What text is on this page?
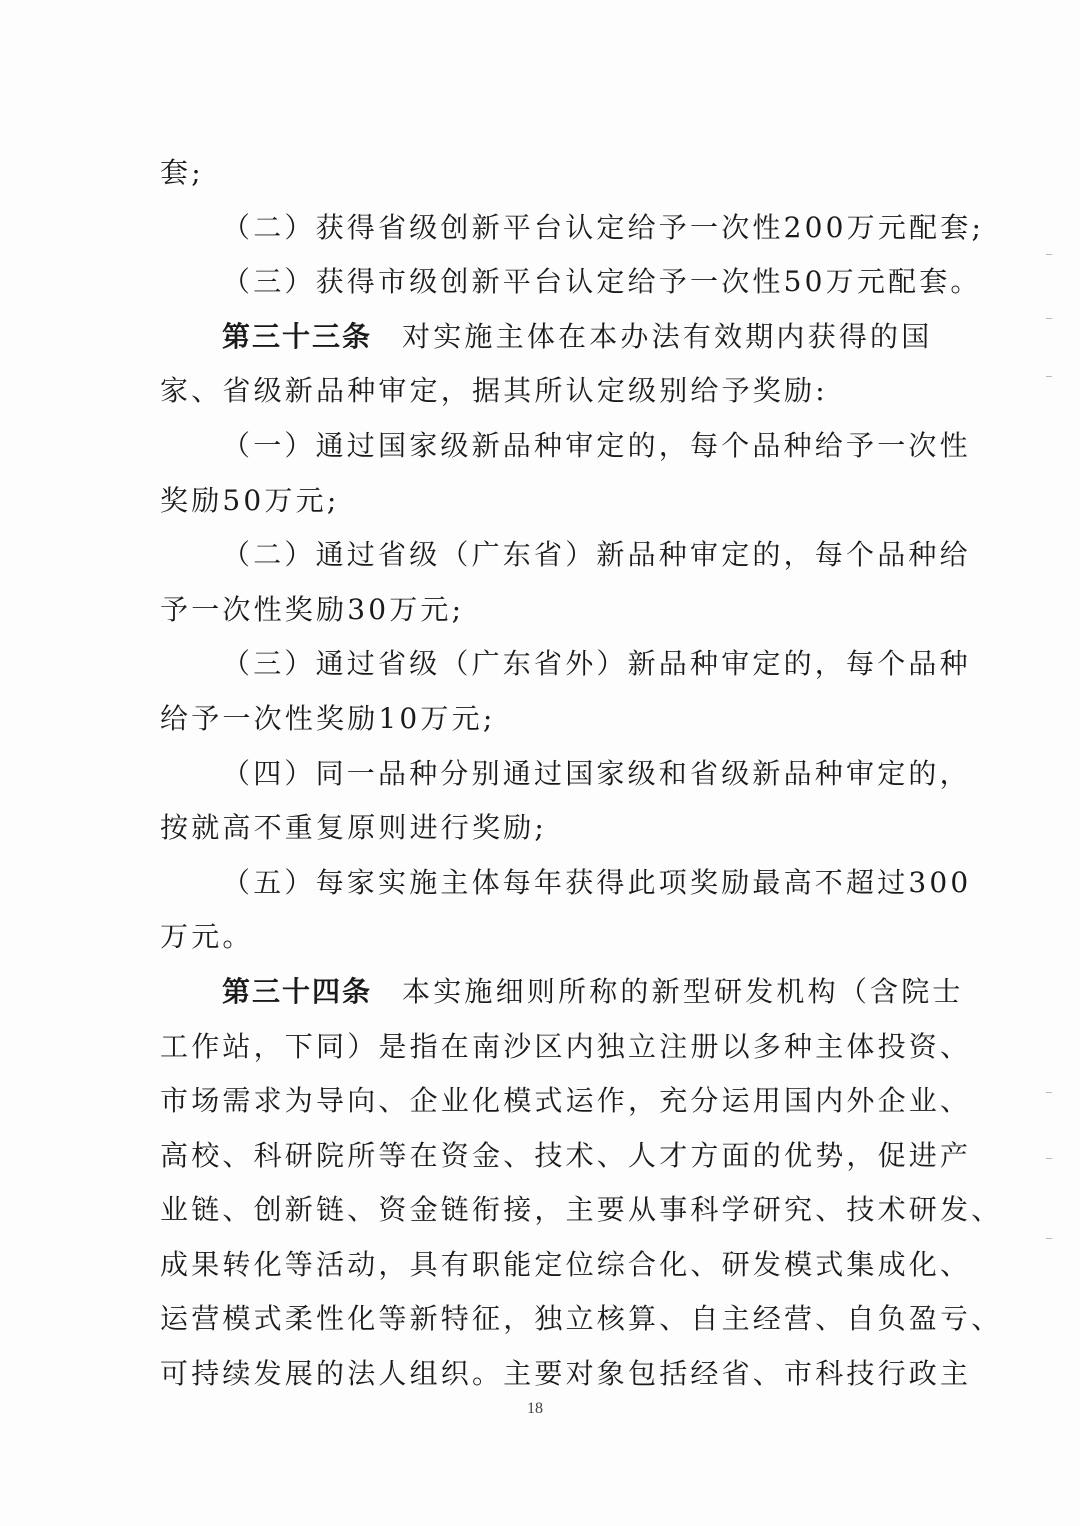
套;
（二）获得省级创新平台认定给予一次性200万元配套;
（三）获得市级创新平台认定给予一次性50万元配套。
第三十三条 对实施主体在本办法有效期内获得的国
家、省级新品种审定，据其所认定级别给予奖励:
（一）通过国家级新品种审定的，每个品种给予一次性
奖励50万元;
（二）通过省级（广东省）新品种审定的，每个品种给
予一次性奖励30万元;
（三）通过省级（广东省外）新品种审定的，每个品种
给予一次性奖励10万元;
（四）同一品种分别通过国家级和省级新品种审定的，
按就高不重复原则进行奖励;
（五）每家实施主体每年获得此项奖励最高不超过300
万元。
第三十四条 本实施细则所称的新型研发机构（含院士
工作站，下同）是指在南沙区内独立注册以多种主体投资、
市场需求为导向、企业化模式运作，充分运用国内外企业、
高校、科研院所等在资金、技术、人才方面的优势，促进产
业链、创新链、资金链衔接，主要从事科学研究、技术研发、
成果转化等活动，具有职能定位综合化、研发模式集成化、
运营模式柔性化等新特征，独立核算、自主经营、自负盈亏、
可持续发展的法人组织。主要对象包括经省、市科技行政主
18
